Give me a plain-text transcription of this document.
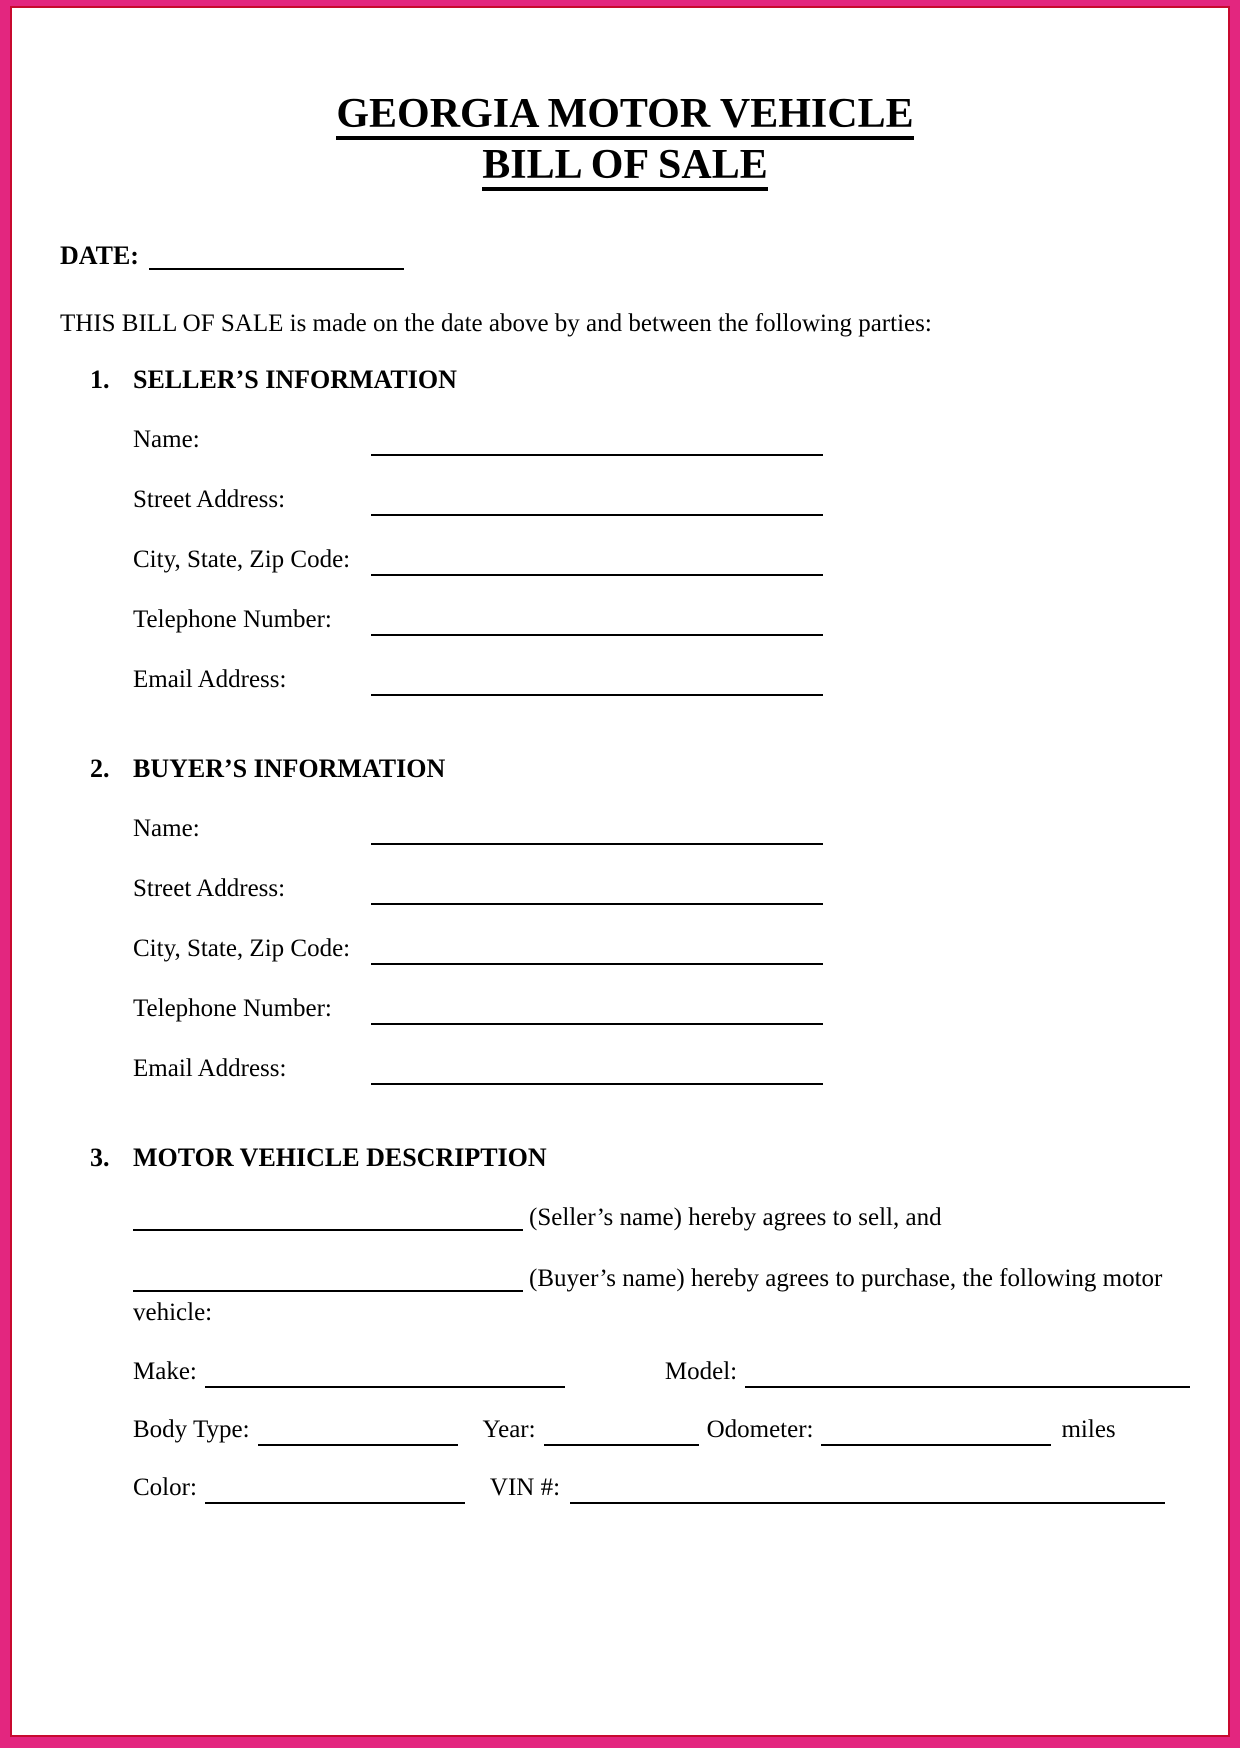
GEORGIA MOTOR VEHICLE
BILL OF SALE
DATE:
THIS BILL OF SALE is made on the date above by and between the following parties:
1. SELLER’S INFORMATION
Name:
Street Address:
City, State, Zip Code:
Telephone Number:
Email Address:
2. BUYER’S INFORMATION
Name:
Street Address:
City, State, Zip Code:
Telephone Number:
Email Address:
3. MOTOR VEHICLE DESCRIPTION
(Seller’s name) hereby agrees to sell, and
(Buyer’s name) hereby agrees to purchase, the following motor vehicle:
Make:	Model:
Body Type:	Year:	Odometer:	miles
Color:	VIN #:
